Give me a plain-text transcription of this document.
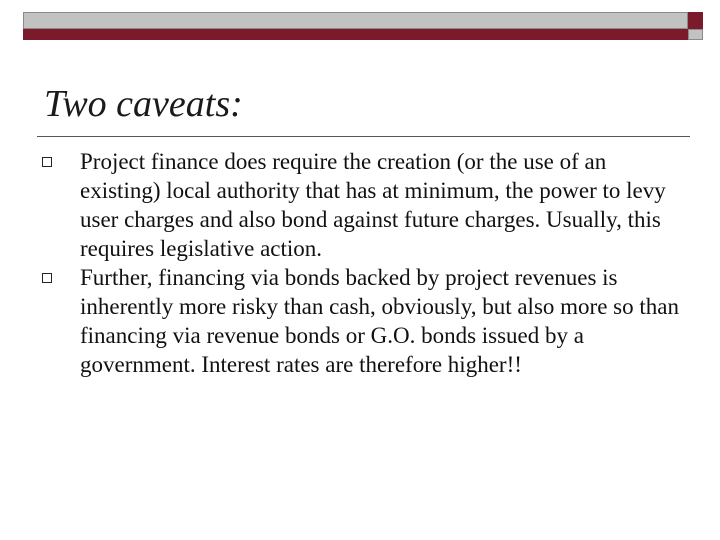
Two caveats:
Project finance does require the creation (or the use of an existing) local authority that has at minimum, the power to levy user charges and also bond against future charges. Usually, this requires legislative action.
Further, financing via bonds backed by project revenues is inherently more risky than cash, obviously, but also more so than financing via revenue bonds or G.O. bonds issued by a government. Interest rates are therefore higher!!
